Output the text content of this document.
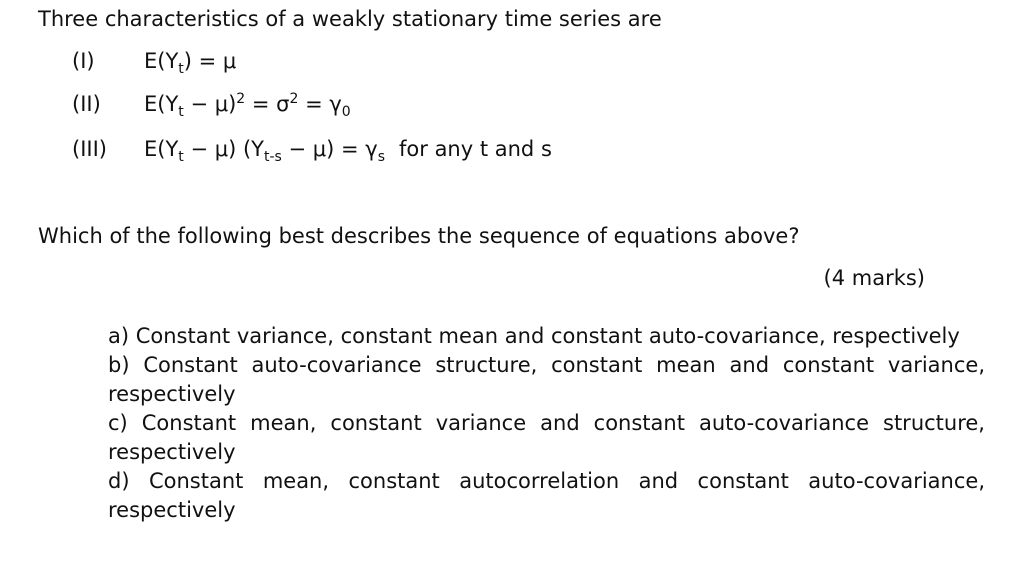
Three characteristics of a weakly stationary time series are
(I) $E(Y_t) = \mu$
(II) $E(Y_t - \mu)^2 = \sigma^2 = \gamma_0$
(III) $E(Y_t - \mu) (Y_{t-s} - \mu) = \gamma_s$ for any t and s
Which of the following best describes the sequence of equations above?
(4 marks)

a) Constant variance, constant mean and constant auto-covariance, respectively

b) Constant auto-covariance structure, constant mean and constant variance, respectively

c) Constant mean, constant variance and constant auto-covariance structure, respectively

d) Constant mean, constant autocorrelation and constant auto-covariance, respectively
